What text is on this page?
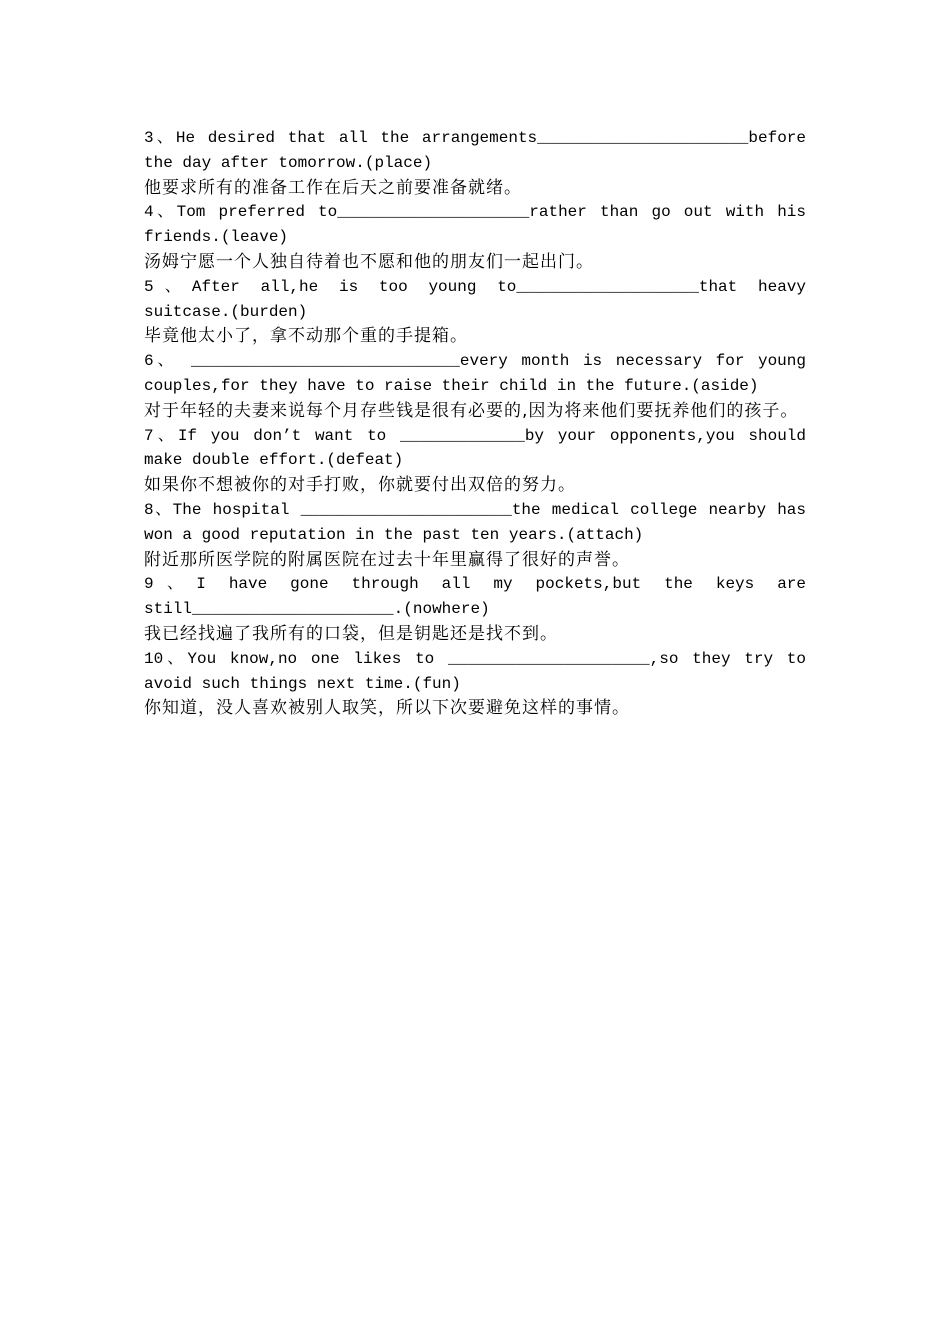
3、He desired that all the arrangements______________________before the day after tomorrow.(place)
他要求所有的准备工作在后天之前要准备就绪。
4、Tom preferred to____________________rather than go out with his friends.(leave)
汤姆宁愿一个人独自待着也不愿和他的朋友们一起出门。
5、After all,he is too young to___________________that heavy suitcase.(burden)
毕竟他太小了，拿不动那个重的手提箱。
6、 ____________________________every month is necessary for young couples,for they have to raise their child in the future.(aside)
对于年轻的夫妻来说每个月存些钱是很有必要的,因为将来他们要抚养他们的孩子。
7、If you don’t want to _____________by your opponents,you should make double effort.(defeat)
如果你不想被你的对手打败，你就要付出双倍的努力。
8、The hospital ______________________the medical college nearby has won a good reputation in the past ten years.(attach)
附近那所医学院的附属医院在过去十年里赢得了很好的声誉。
9、I have gone through all my pockets,but the keys are still_____________________.(nowhere)
我已经找遍了我所有的口袋，但是钥匙还是找不到。
10、You know,no one likes to _____________________,so they try to avoid such things next time.(fun)
你知道，没人喜欢被别人取笑，所以下次要避免这样的事情。
